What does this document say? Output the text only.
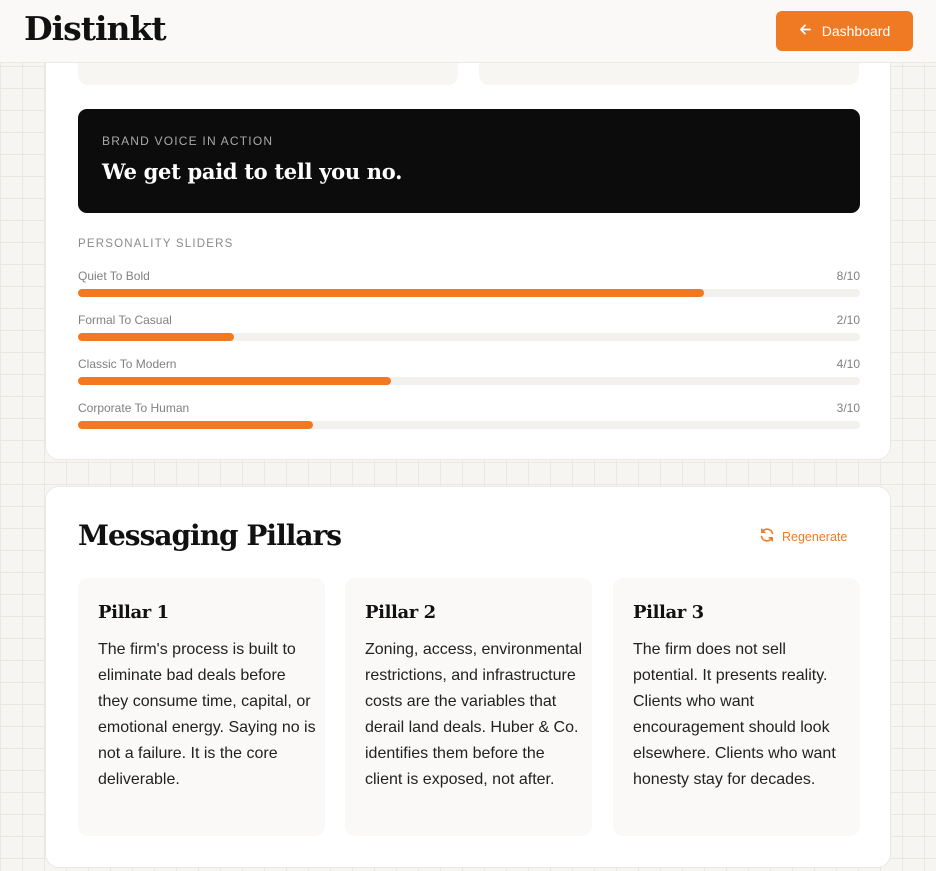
Distinkt	Dashboard
BRAND VOICE IN ACTION
We get paid to tell you no.
PERSONALITY SLIDERS
Quiet To Bold	8/10
Formal To Casual	2/10
Classic To Modern	4/10
Corporate To Human	3/10
Messaging Pillars	Regenerate
Pillar 1
The firm's process is built to eliminate bad deals before they consume time, capital, or emotional energy. Saying no is not a failure. It is the core deliverable.
Pillar 2
Zoning, access, environmental restrictions, and infrastructure costs are the variables that derail land deals. Huber & Co. identifies them before the client is exposed, not after.
Pillar 3
The firm does not sell potential. It presents reality. Clients who want encouragement should look elsewhere. Clients who want honesty stay for decades.
